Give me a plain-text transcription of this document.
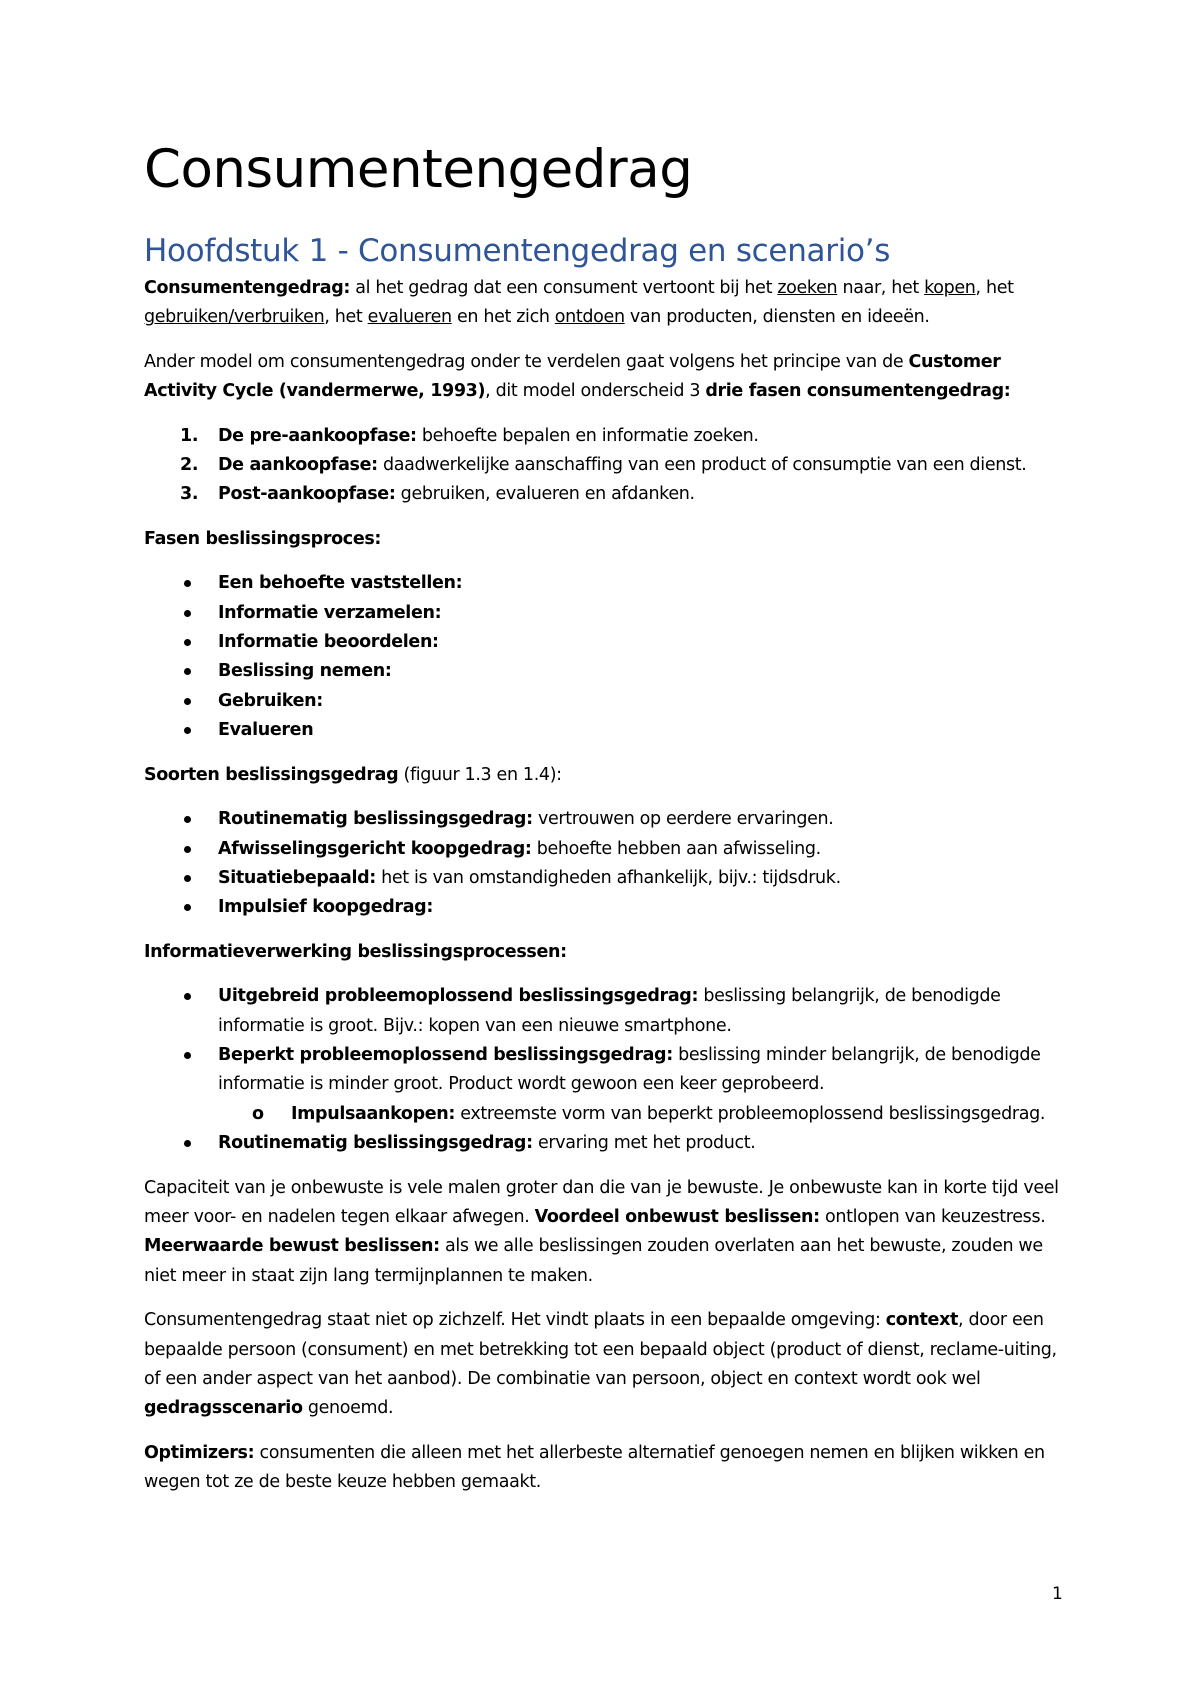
Consumentengedrag
Hoofdstuk 1 - Consumentengedrag en scenario’s

Consumentengedrag: al het gedrag dat een consument vertoont bij het zoeken naar, het kopen, het gebruiken/verbruiken, het evalueren en het zich ontdoen van producten, diensten en ideeën.

Ander model om consumentengedrag onder te verdelen gaat volgens het principe van de Customer Activity Cycle (vandermerwe, 1993), dit model onderscheid 3 drie fasen consumentengedrag:

1. De pre-aankoopfase: behoefte bepalen en informatie zoeken.
2. De aankoopfase: daadwerkelijke aanschaffing van een product of consumptie van een dienst.
3. Post-aankoopfase: gebruiken, evalueren en afdanken.

Fasen beslissingsproces:

Een behoefte vaststellen:
Informatie verzamelen:
Informatie beoordelen:
Beslissing nemen:
Gebruiken:
Evalueren

Soorten beslissingsgedrag (figuur 1.3 en 1.4):

Routinematig beslissingsgedrag: vertrouwen op eerdere ervaringen.
Afwisselingsgericht koopgedrag: behoefte hebben aan afwisseling.
Situatiebepaald: het is van omstandigheden afhankelijk, bijv.: tijdsdruk.
Impulsief koopgedrag:

Informatieverwerking beslissingsprocessen:

Uitgebreid probleemoplossend beslissingsgedrag: beslissing belangrijk, de benodigde informatie is groot. Bijv.: kopen van een nieuwe smartphone.
Beperkt probleemoplossend beslissingsgedrag: beslissing minder belangrijk, de benodigde informatie is minder groot. Product wordt gewoon een keer geprobeerd.
o Impulsaankopen: extreemste vorm van beperkt probleemoplossend beslissingsgedrag.
Routinematig beslissingsgedrag: ervaring met het product.

Capaciteit van je onbewuste is vele malen groter dan die van je bewuste. Je onbewuste kan in korte tijd veel meer voor- en nadelen tegen elkaar afwegen. Voordeel onbewust beslissen: ontlopen van keuzestress. Meerwaarde bewust beslissen: als we alle beslissingen zouden overlaten aan het bewuste, zouden we niet meer in staat zijn lang termijnplannen te maken.

Consumentengedrag staat niet op zichzelf. Het vindt plaats in een bepaalde omgeving: context, door een bepaalde persoon (consument) en met betrekking tot een bepaald object (product of dienst, reclame-uiting, of een ander aspect van het aanbod). De combinatie van persoon, object en context wordt ook wel gedragsscenario genoemd.

Optimizers: consumenten die alleen met het allerbeste alternatief genoegen nemen en blijken wikken en wegen tot ze de beste keuze hebben gemaakt.

1
